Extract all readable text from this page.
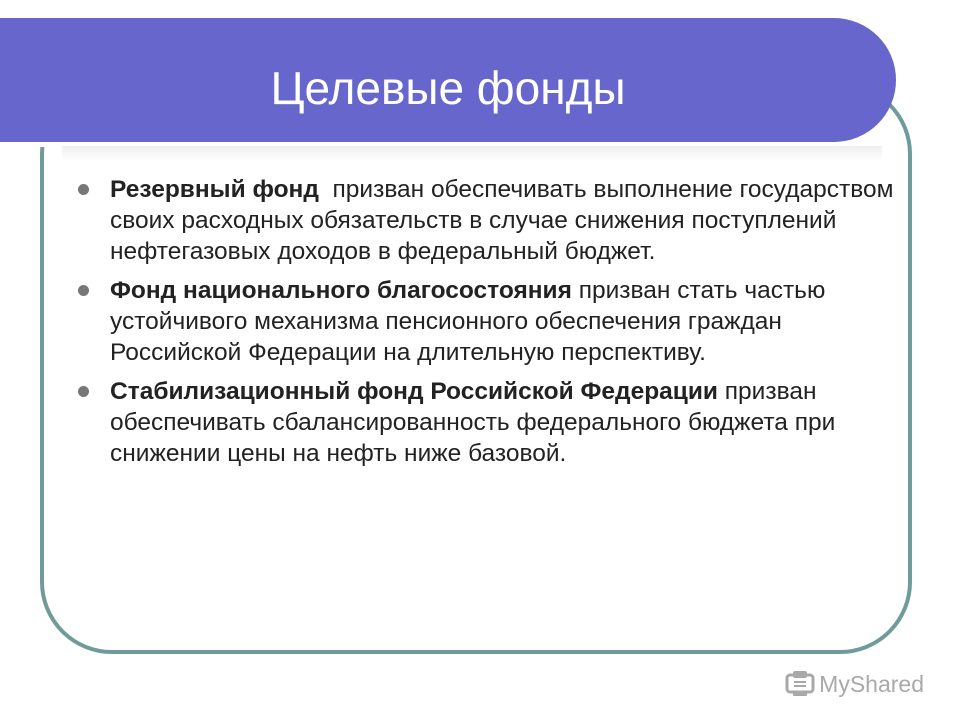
Целевые фонды
Резервный фонд  призван обеспечивать выполнение государством своих расходных обязательств в случае снижения поступлений нефтегазовых доходов в федеральный бюджет.
Фонд национального благосостояния призван стать частью устойчивого механизма пенсионного обеспечения граждан Российской Федерации на длительную перспективу.
Стабилизационный фонд Российской Федерации призван обеспечивать сбалансированность федерального бюджета при снижении цены на нефть ниже базовой.
MyShared
